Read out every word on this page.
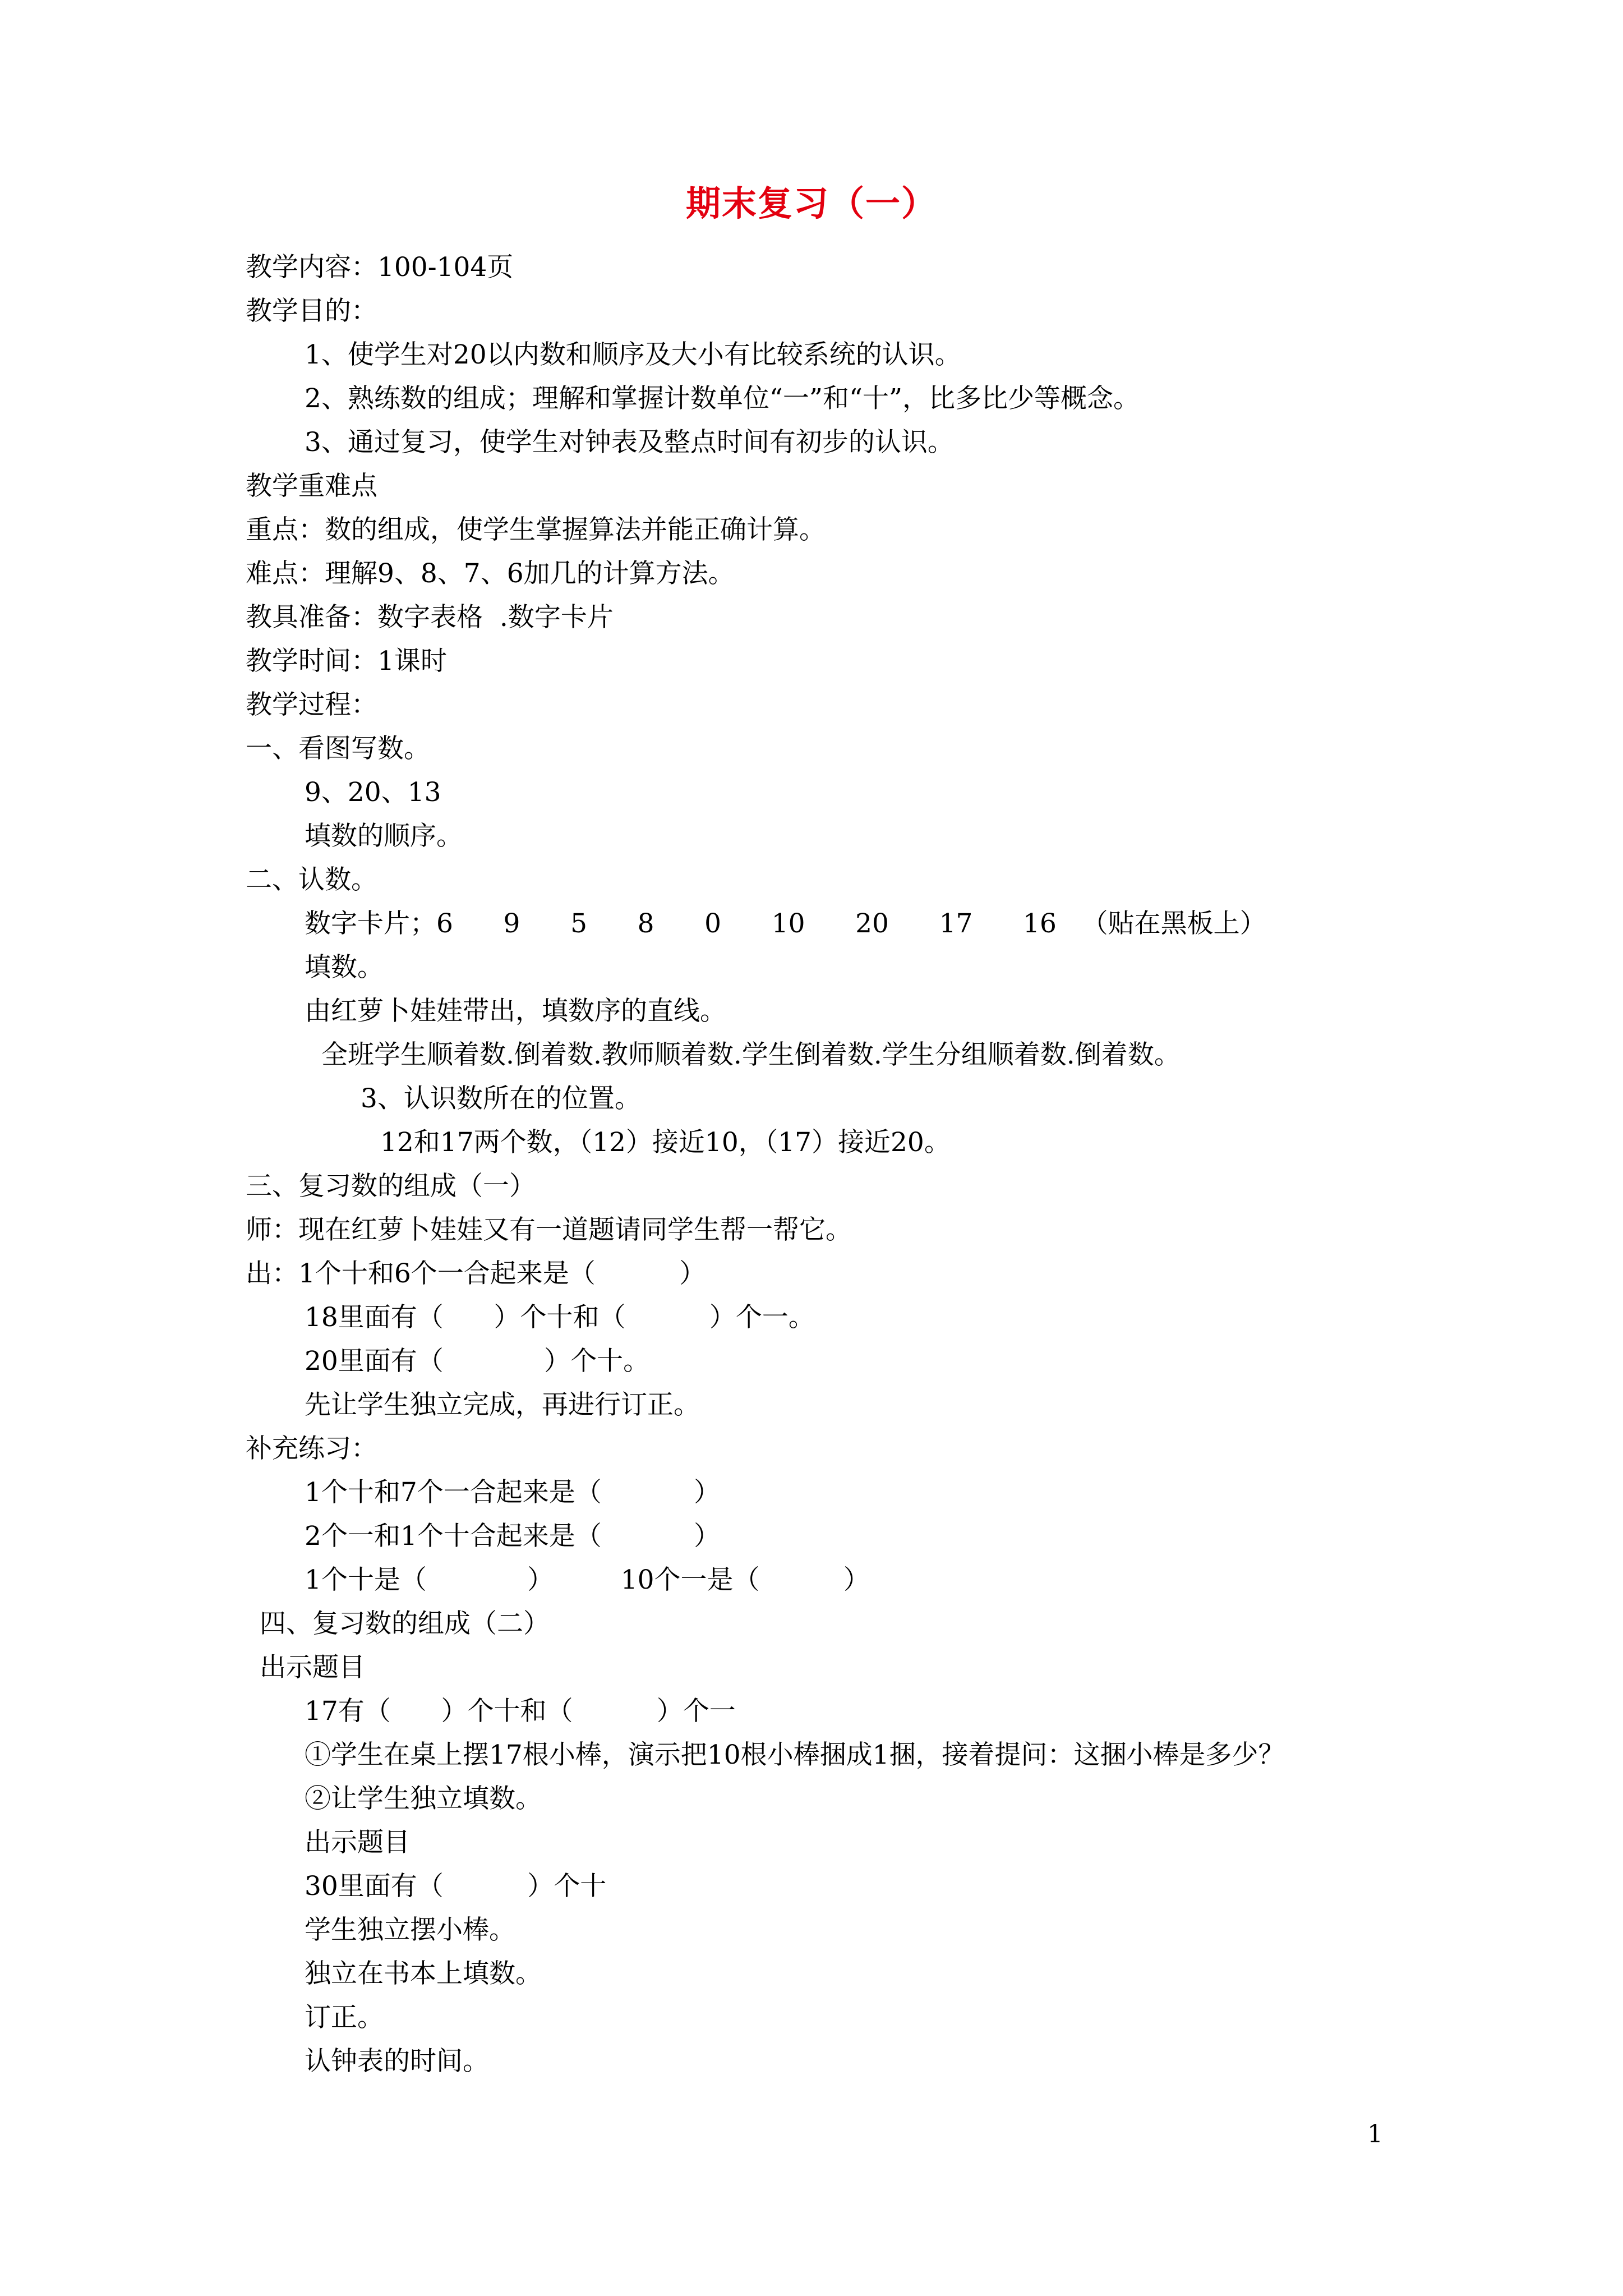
期末复习（一）
教学内容：100-104页
教学目的：
1、使学生对20以内数和顺序及大小有比较系统的认识。
2、熟练数的组成；理解和掌握计数单位“一”和“十”，比多比少等概念。
3、通过复习，使学生对钟表及整点时间有初步的认识。
教学重难点
重点：数的组成，使学生掌握算法并能正确计算。
难点：理解9、8、7、6加几的计算方法。
教具准备：数字表格  .数字卡片
教学时间：1课时
教学过程：
一、看图写数。
9、20、13
填数的顺序。
二、认数。
数字卡片；6      9      5      8      0      10      20      17      16   （贴在黑板上）
填数。
由红萝卜娃娃带出，填数序的直线。
全班学生顺着数.倒着数.教师顺着数.学生倒着数.学生分组顺着数.倒着数。
3、认识数所在的位置。
12和17两个数，（12）接近10，（17）接近20。
三、复习数的组成（一）
师：现在红萝卜娃娃又有一道题请同学生帮一帮它。
出：1个十和6个一合起来是（          ）
18里面有（      ）个十和（          ）个一。
20里面有（            ）个十。
先让学生独立完成，再进行订正。
补充练习：
1个十和7个一合起来是（           ）
2个一和1个十合起来是（           ）
1个十是（            ）        10个一是（          ）
四、复习数的组成（二）
出示题目
17有（      ）个十和（          ）个一
①学生在桌上摆17根小棒，演示把10根小棒捆成1捆，接着提问：这捆小棒是多少？
②让学生独立填数。
出示题目
30里面有（          ）个十
学生独立摆小棒。
独立在书本上填数。
订正。
认钟表的时间。
1
